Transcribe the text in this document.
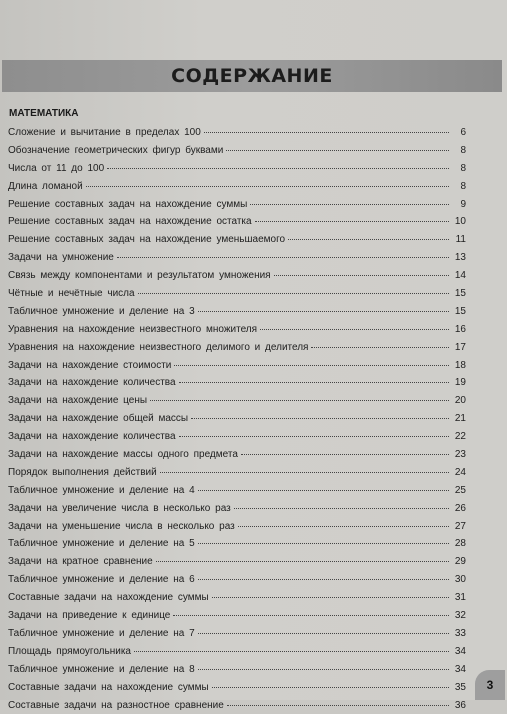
СОДЕРЖАНИЕ
МАТЕМАТИКА
Сложение и вычитание в пределах 100	6
Обозначение геометрических фигур буквами	8
Числа от 11 до 100	8
Длина ломаной	8
Решение составных задач на нахождение суммы	9
Решение составных задач на нахождение остатка	10
Решение составных задач на нахождение уменьшаемого	11
Задачи на умножение	13
Связь между компонентами и результатом умножения	14
Чётные и нечётные числа	15
Табличное умножение и деление на 3	15
Уравнения на нахождение неизвестного множителя	16
Уравнения на нахождение неизвестного делимого и делителя	17
Задачи на нахождение стоимости	18
Задачи на нахождение количества	19
Задачи на нахождение цены	20
Задачи на нахождение общей массы	21
Задачи на нахождение количества	22
Задачи на нахождение массы одного предмета	23
Порядок выполнения действий	24
Табличное умножение и деление на 4	25
Задачи на увеличение числа в несколько раз	26
Задачи на уменьшение числа в несколько раз	27
Табличное умножение и деление на 5	28
Задачи на кратное сравнение	29
Табличное умножение и деление на 6	30
Составные задачи на нахождение суммы	31
Задачи на приведение к единице	32
Табличное умножение и деление на 7	33
Площадь прямоугольника	34
Табличное умножение и деление на 8	34
Составные задачи на нахождение суммы	35
Составные задачи на разностное сравнение	36
3
